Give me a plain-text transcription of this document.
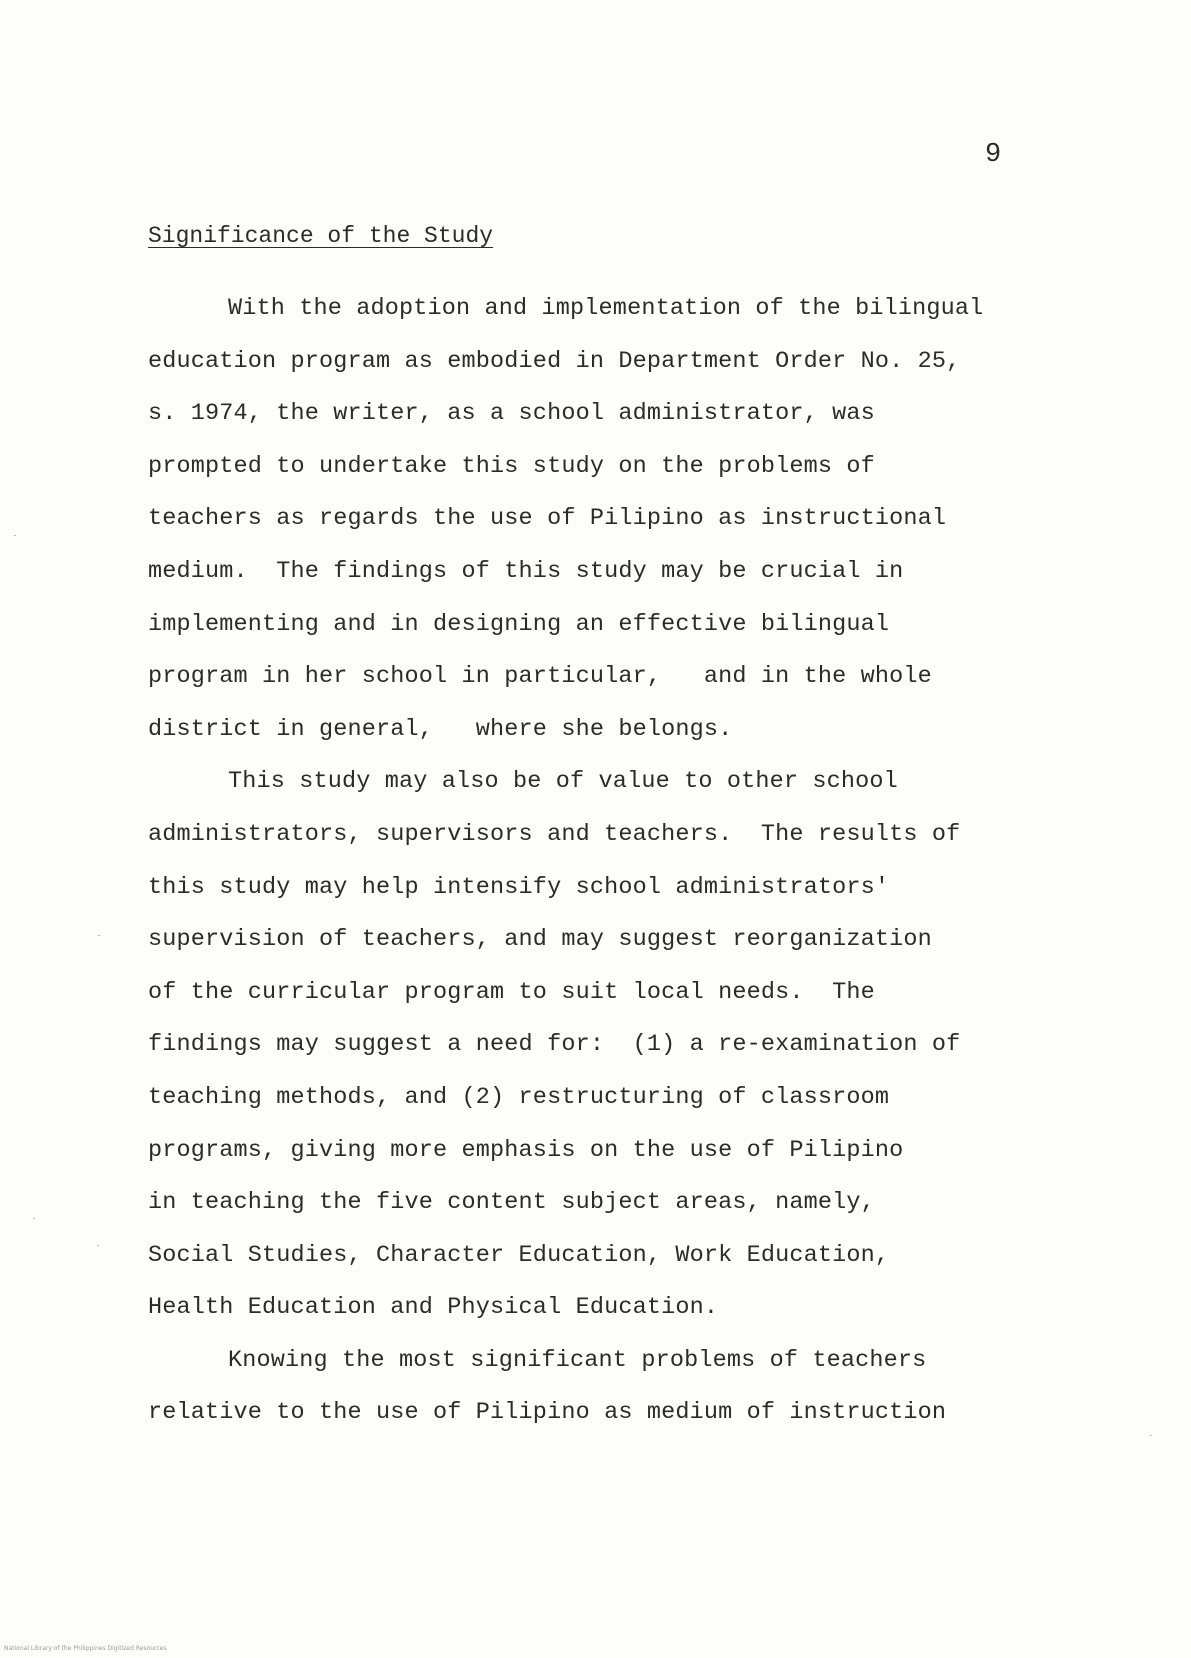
9
Significance of the Study
With the adoption and implementation of the bilingual
education program as embodied in Department Order No. 25,
s. 1974, the writer, as a school administrator, was
prompted to undertake this study on the problems of
teachers as regards the use of Pilipino as instructional
medium.  The findings of this study may be crucial in
implementing and in designing an effective bilingual
program in her school in particular,   and in the whole
district in general,   where she belongs.
This study may also be of value to other school
administrators, supervisors and teachers.  The results of
this study may help intensify school administrators'
supervision of teachers, and may suggest reorganization
of the curricular program to suit local needs.  The
findings may suggest a need for:  (1) a re-examination of
teaching methods, and (2) restructuring of classroom
programs, giving more emphasis on the use of Pilipino
in teaching the five content subject areas, namely,
Social Studies, Character Education, Work Education,
Health Education and Physical Education.
Knowing the most significant problems of teachers
relative to the use of Pilipino as medium of instruction
National Library of the Philippines Digitized Resources
